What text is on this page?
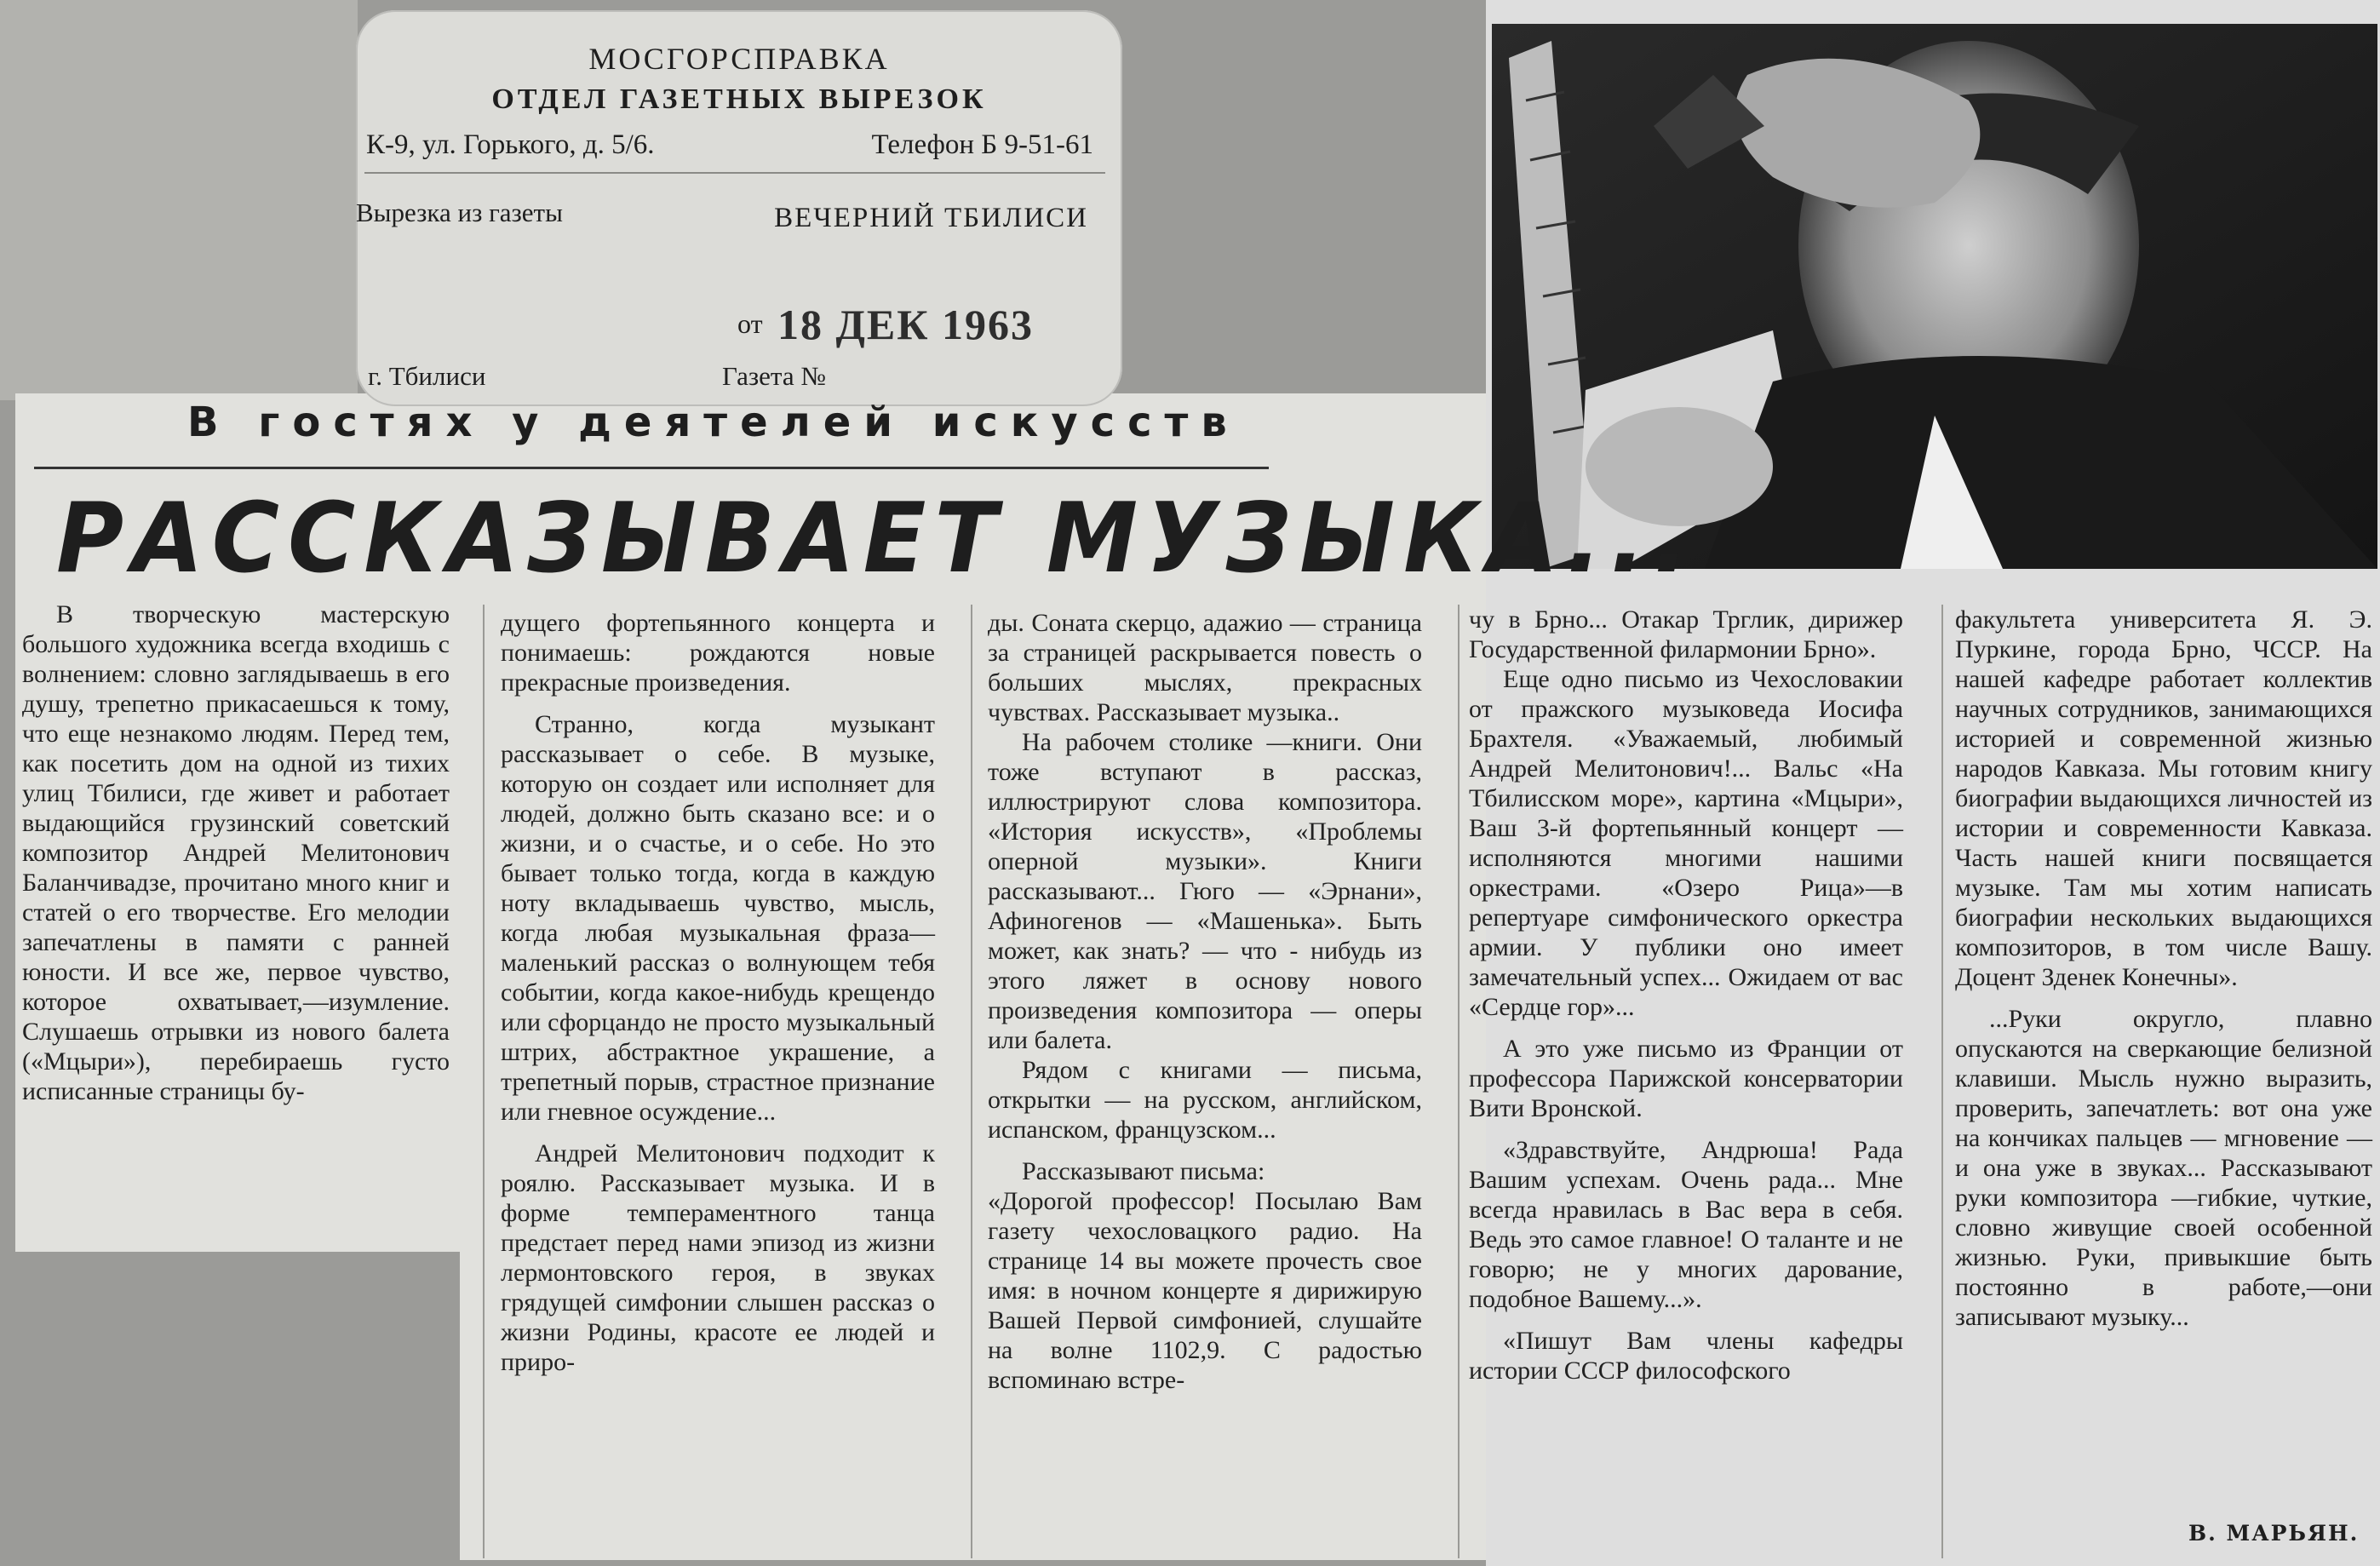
МОСГОРСПРАВКА
ОТДЕЛ ГАЗЕТНЫХ ВЫРЕЗОК
К-9, ул. Горького, д. 5/6.	Телефон Б 9-51-61
Вырезка из газеты	ВЕЧЕРНИЙ ТБИЛИСИ
от 18 ДЕК 1963
г. Тбилиси	Газета №
В гостях у деятелей искусств
РАССКАЗЫВАЕТ МУЗЫКА...

В творческую мастерскую большого художника всегда входишь с волнением: словно заглядываешь в его душу, трепетно прикасаешься к тому, что еще незнакомо людям. Перед тем, как посетить дом на одной из тихих улиц Тбилиси, где живет и работает выдающийся грузинский советский композитор Андрей Мелитонович Баланчивадзе, прочитано много книг и статей о его творчестве. Его мелодии запечатлены в памяти с ранней юности. И все же, первое чувство, которое охватывает,—изумление. Слушаешь отрывки из нового балета («Мцыри»), перебираешь густо исписанные страницы бу-

дущего фортепьянного концерта и понимаешь: рождаются новые прекрасные произведения.

Странно, когда музыкант рассказывает о себе. В музыке, которую он создает или исполняет для людей, должно быть сказано все: и о жизни, и о счастье, и о себе. Но это бывает только тогда, когда в каждую ноту вкладываешь чувство, мысль, когда любая музыкальная фраза—маленький рассказ о волнующем тебя событии, когда какое-нибудь крещендо или сфорцандо не просто музыкальный штрих, абстрактное украшение, а трепетный порыв, страстное признание или гневное осуждение...

Андрей Мелитонович подходит к роялю. Рассказывает музыка. И в форме темпераментного танца предстает перед нами эпизод из жизни лермонтовского героя, в звуках грядущей симфонии слышен рассказ о жизни Родины, красоте ее людей и приро-

ды. Соната скерцо, адажио — страница за страницей раскрывается повесть о больших мыслях, прекрасных чувствах. Рассказывает музыка..

На рабочем столике —книги. Они тоже вступают в рассказ, иллюстрируют слова композитора. «История искусств», «Проблемы оперной музыки». Книги рассказывают... Гюго — «Эрнани», Афиногенов — «Машенька». Быть может, как знать? — что - нибудь из этого ляжет в основу нового произведения композитора — оперы или балета.

Рядом с книгами — письма, открытки — на русском, английском, испанском, французском...

Рассказывают письма:

«Дорогой профессор! Посылаю Вам газету чехословацкого радио. На странице 14 вы можете прочесть свое имя: в ночном концерте я дирижирую Вашей Первой симфонией, слушайте на волне 1102,9. С радостью вспоминаю встре-

чу в Брно... Отакар Трглик, дирижер Государственной филармонии Брно».

Еще одно письмо из Чехословакии от пражского музыковеда Иосифа Брахтеля. «Уважаемый, любимый Андрей Мелитонович!... Вальс «На Тбилисском море», картина «Мцыри», Ваш 3-й фортепьянный концерт — исполняются многими нашими оркестрами. «Озеро Рица»—в репертуаре симфонического оркестра армии. У публики оно имеет замечательный успех... Ожидаем от вас «Сердце гор»...

А это уже письмо из Франции от профессора Парижской консерватории Вити Вронской.

«Здравствуйте, Андрюша! Рада Вашим успехам. Очень рада... Мне всегда нравилась в Вас вера в себя. Ведь это самое главное! О таланте и не говорю; не у многих дарование, подобное Вашему...».

«Пишут Вам члены кафедры истории СССР философского

факультета университета Я. Э. Пуркине, города Брно, ЧССР. На нашей кафедре работает коллектив научных сотрудников, занимающихся историей и современной жизнью народов Кавказа. Мы готовим книгу биографии выдающихся личностей из истории и современности Кавказа. Часть нашей книги посвящается музыке. Там мы хотим написать биографии нескольких выдающихся композиторов, в том числе Вашу. Доцент Зденек Конечны».

...Руки округло, плавно опускаются на сверкающие белизной клавиши. Мысль нужно выразить, проверить, запечатлеть: вот она уже на кончиках пальцев — мгновение —и она уже в звуках... Рассказывают руки композитора —гибкие, чуткие, словно живущие своей особенной жизнью. Руки, привыкшие быть постоянно в работе,—они записывают музыку...

В. МАРЬЯН.
